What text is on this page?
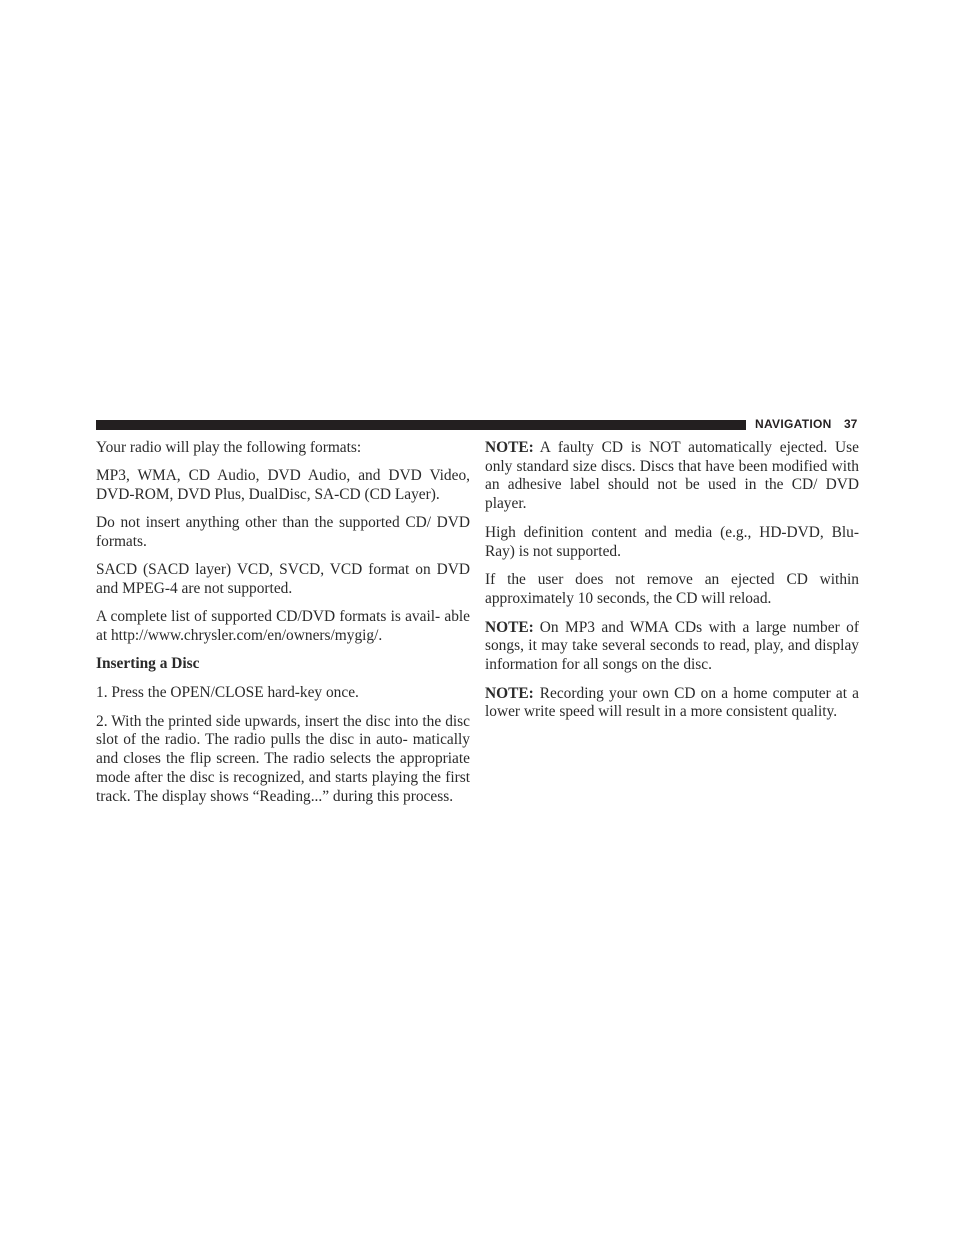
NAVIGATION 37

Your radio will play the following formats:

MP3, WMA, CD Audio, DVD Audio, and DVD Video, DVD-ROM, DVD Plus, DualDisc, SA-CD (CD Layer).

Do not insert anything other than the supported CD/ DVD formats.

SACD (SACD layer) VCD, SVCD, VCD format on DVD and MPEG-4 are not supported.

A complete list of supported CD/DVD formats is avail- able at http://www.chrysler.com/en/owners/mygig/.

Inserting a Disc

1. Press the OPEN/CLOSE hard-key once.

2. With the printed side upwards, insert the disc into the disc slot of the radio. The radio pulls the disc in auto- matically and closes the flip screen. The radio selects the appropriate mode after the disc is recognized, and starts playing the first track. The display shows “Reading...” during this process.

NOTE: A faulty CD is NOT automatically ejected. Use only standard size discs. Discs that have been modified with an adhesive label should not be used in the CD/ DVD player.

High definition content and media (e.g., HD-DVD, Blu- Ray) is not supported.

If the user does not remove an ejected CD within approximately 10 seconds, the CD will reload.

NOTE: On MP3 and WMA CDs with a large number of songs, it may take several seconds to read, play, and display information for all songs on the disc.

NOTE: Recording your own CD on a home computer at a lower write speed will result in a more consistent quality.
